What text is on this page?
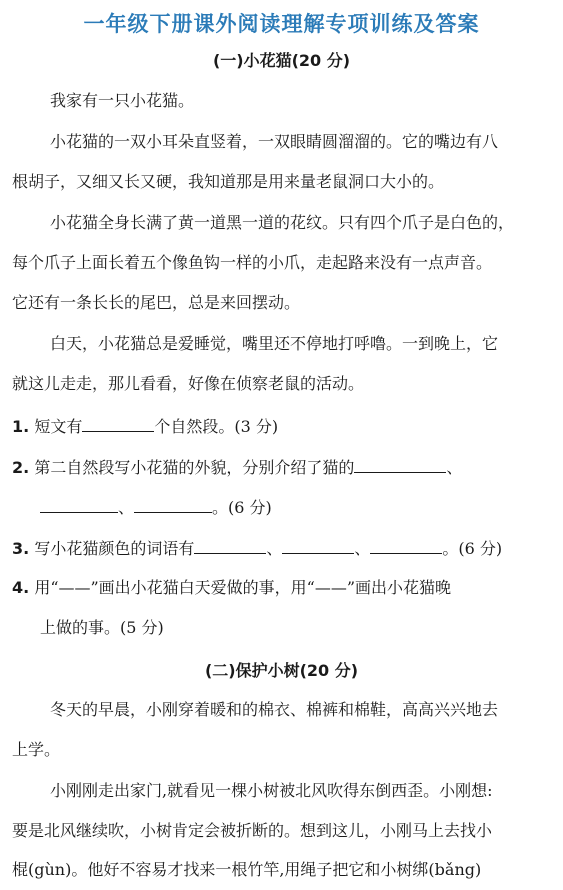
一年级下册课外阅读理解专项训练及答案
(一)小花猫(20 分)
我家有一只小花猫。
小花猫的一双小耳朵直竖着，一双眼睛圆溜溜的。它的嘴边有八
根胡子，又细又长又硬，我知道那是用来量老鼠洞口大小的。
小花猫全身长满了黄一道黑一道的花纹。只有四个爪子是白色的，
每个爪子上面长着五个像鱼钩一样的小爪，走起路来没有一点声音。
它还有一条长长的尾巴，总是来回摆动。
白天，小花猫总是爱睡觉，嘴里还不停地打呼噜。一到晚上，它
就这儿走走，那儿看看，好像在侦察老鼠的活动。
1. 短文有	个自然段。(3 分)
2. 第二自然段写小花猫的外貌，分别介绍了猫的	、
、	。(6 分)
3. 写小花猫颜色的词语有	、	、	。(6 分)
4. 用“——”画出小花猫白天爱做的事，用“——”画出小花猫晚
上做的事。(5 分)
(二)保护小树(20 分)
冬天的早晨，小刚穿着暖和的棉衣、棉裤和棉鞋，高高兴兴地去
上学。
小刚刚走出家门,就看见一棵小树被北风吹得东倒西歪。小刚想:
要是北风继续吹，小树肯定会被折断的。想到这儿，小刚马上去找小
棍(gùn)。他好不容易才找来一根竹竿,用绳子把它和小树绑(bǎng)
